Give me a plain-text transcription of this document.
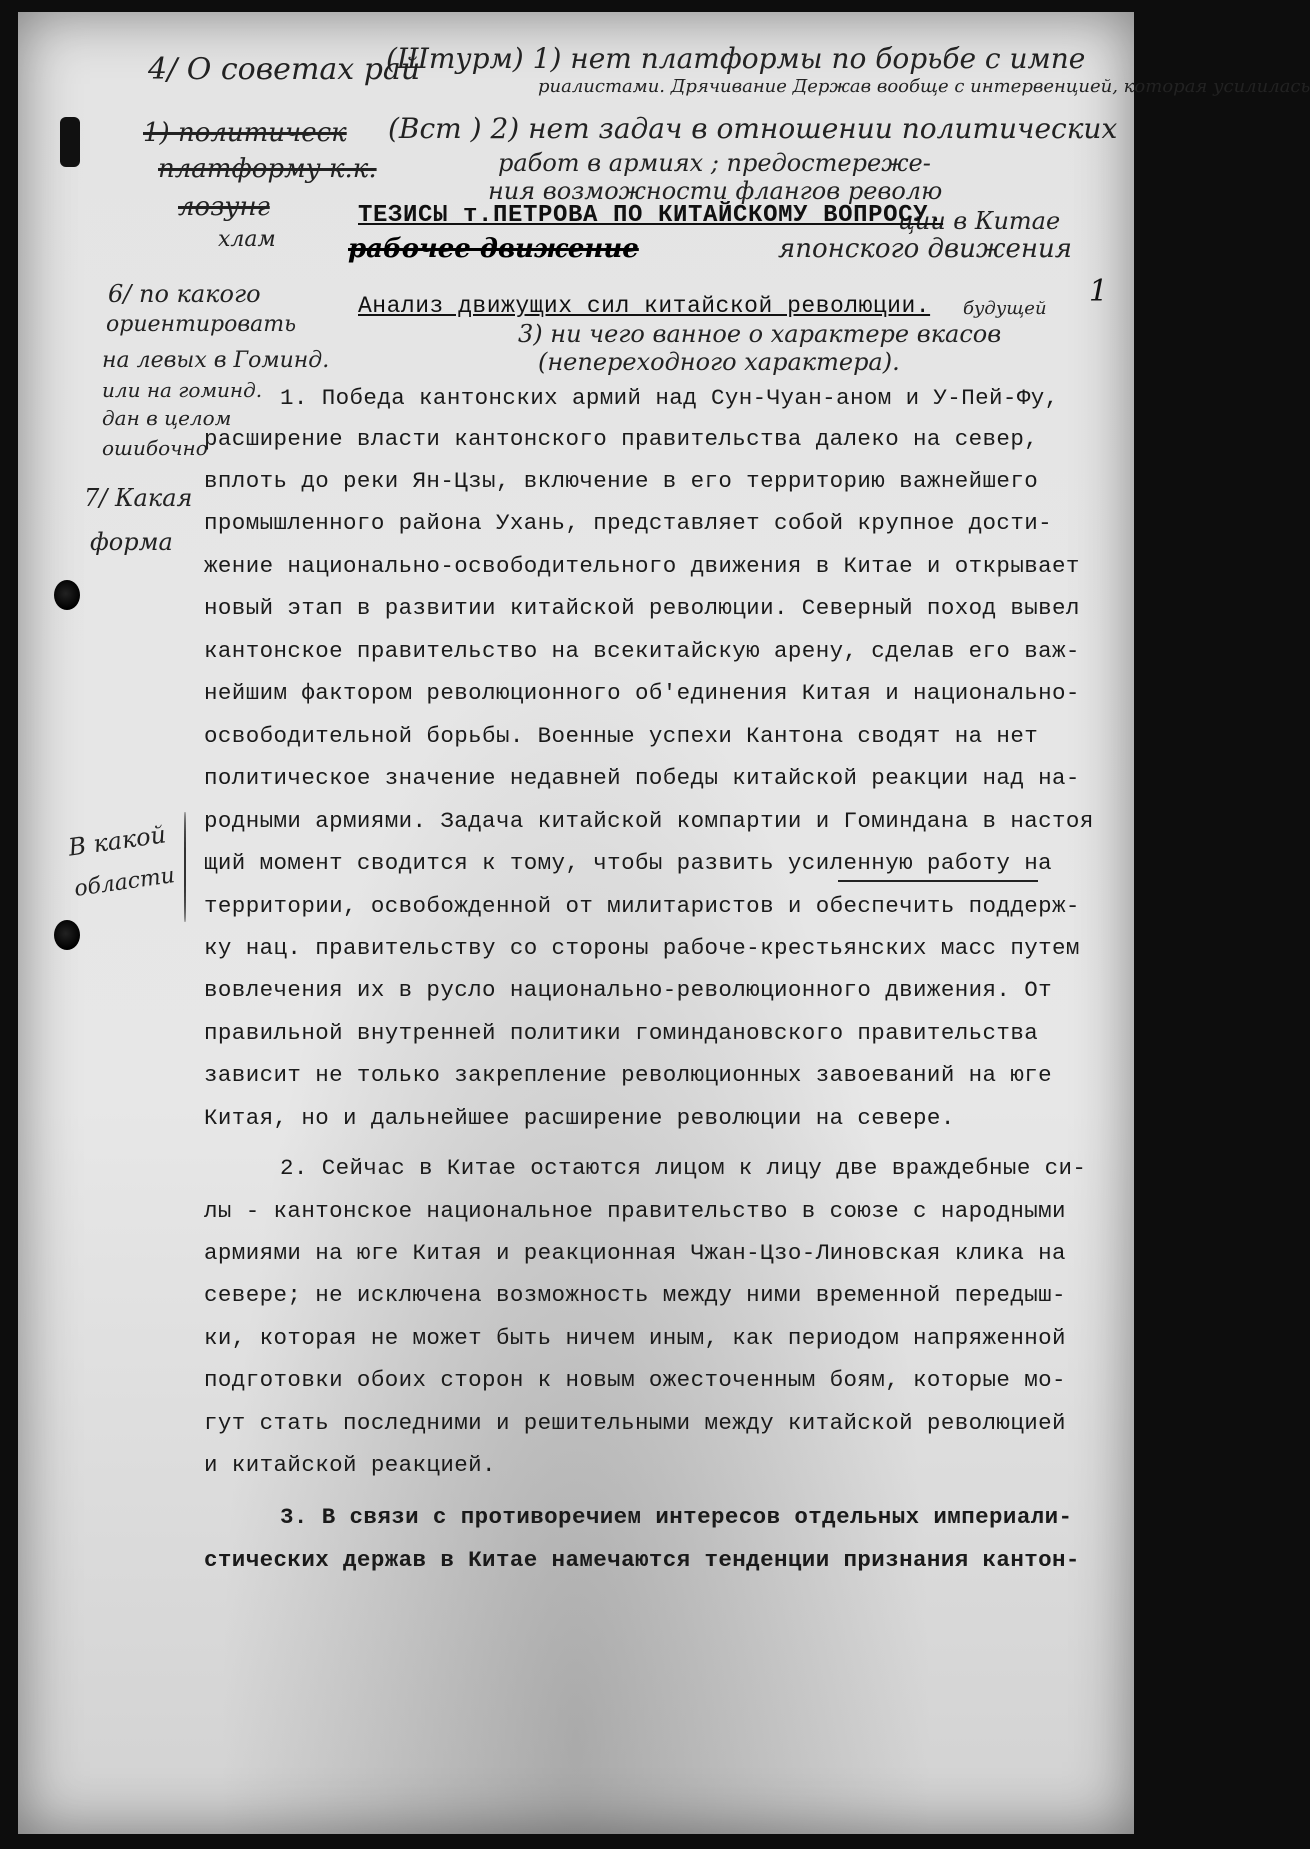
4/ О советах рай
(Штурм) 1) нет платформы по борьбе с импе
риалистами. Дрячивание Держав вообще с интервенцией, которая усилилась
(Вст ) 2) нет задач в отношении политических
работ в армиях ; предостереже-
ния возможности флангов револю
ции в Китае
1) политическ
платформу к.к.
лозунг
хлам
ТЕЗИСЫ т.ПЕТРОВА ПО КИТАЙСКОМУ ВОПРОСУ.
рабочее движение	японского движения
1
будущей
Анализ движущих сил китайской революции.
3) ни чего ванное о характере вкасов
(непереходного характера).
6/ по какого
ориентировать
на левых в Гоминд.
или на гоминд.
дан в целом
ошибочно
7/ Какая
форма
В какой
области
1. Победа кантонских армий над Сун-Чуан-аном и У-Пей-Фу,
расширение власти кантонского правительства далеко на север,
вплоть до реки Ян-Цзы, включение в его территорию важнейшего
промышленного района Ухань, представляет собой крупное дости-
жение национально-освободительного движения в Китае и открывает
новый этап в развитии китайской революции. Северный поход вывел
кантонское правительство на всекитайскую арену, сделав его важ-
нейшим фактором революционного об'единения Китая и национально-
освободительной борьбы. Военные успехи Кантона сводят на нет
политическое значение недавней победы китайской реакции над на-
родными армиями. Задача китайской компартии и Гоминдана в настоя
щий момент сводится к тому, чтобы развить усиленную работу на
территории, освобожденной от милитаристов и обеспечить поддерж-
ку нац. правительству со стороны рабоче-крестьянских масс путем
вовлечения их в русло национально-революционного движения. От
правильной внутренней политики гоминдановского правительства
зависит не только закрепление революционных завоеваний на юге
Китая, но и дальнейшее расширение революции на севере.
2. Сейчас в Китае остаются лицом к лицу две враждебные си-
лы - кантонское национальное правительство в союзе с народными
армиями на юге Китая и реакционная Чжан-Цзо-Линовская клика на
севере; не исключена возможность между ними временной передыш-
ки, которая не может быть ничем иным, как периодом напряженной
подготовки обоих сторон к новым ожесточенным боям, которые мо-
гут стать последними и решительными между китайской революцией
и китайской реакцией.
3. В связи с противоречием интересов отдельных империали-
стических держав в Китае намечаются тенденции признания кантон-
